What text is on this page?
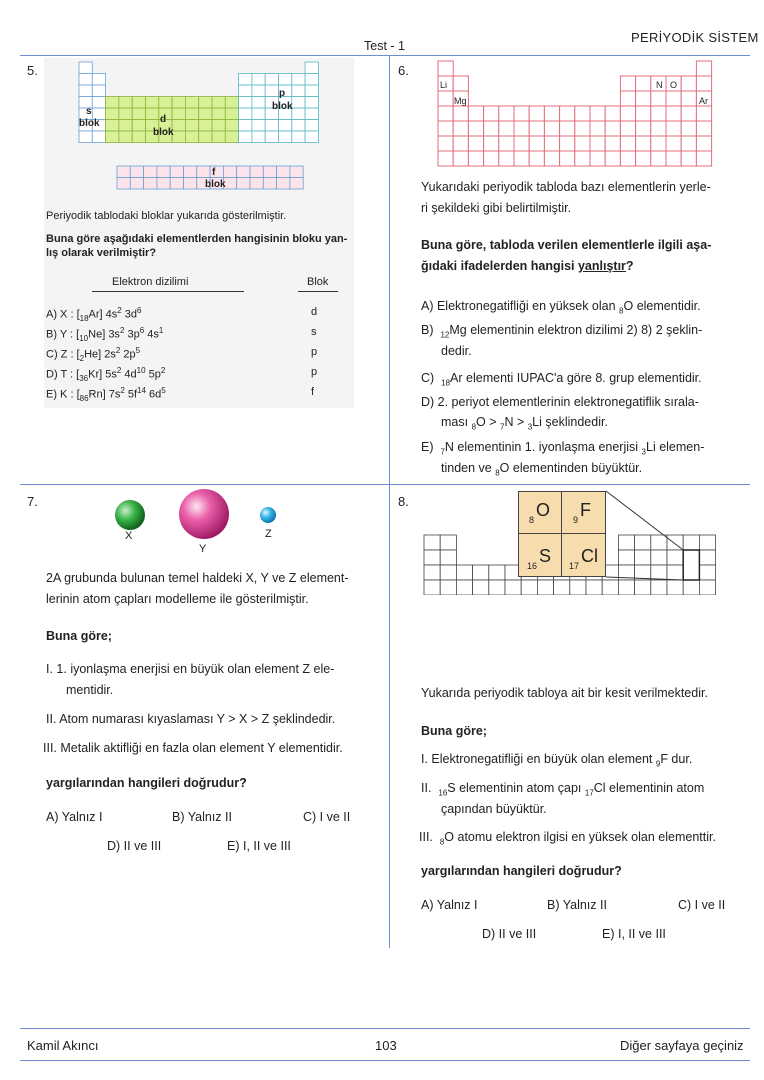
Test - 1
PERİYODİK SİSTEM
5.
s
blok	d
blok
p
blok
f
blok
Periyodik tablodaki bloklar yukarıda gösterilmiştir.
Buna göre aşağıdaki elementlerden hangisinin bloku yan-
lış olarak verilmiştir?
Elektron dizilimi	Blok
A) X : $[_{18}Ar]$ $4s^2$ $3d^6$	d
B) Y : $[_{10}Ne]$ $3s^2$ $3p^6$ $4s^1$	s
C) Z : $[_2He]$ $2s^2$ $2p^5$	p
D) T : $[_{36}Kr]$ $5s^2$ $4d^{10}$ $5p^2$	p
E) K : $[_{86}Rn]$ $7s^2$ $5f^{14}$ $6d^5$	f
6.
Li
Mg
N O
Ar
Yukarıdaki periyodik tabloda bazı elementlerin yerle-
ri şekildeki gibi belirtilmiştir.
Buna göre, tabloda verilen elementlerle ilgili aşa-
ğıdaki ifadelerden hangisi yanlıştır?
A) Elektronegatifliği en yüksek olan $_8$O elementidir.
B)  $_{12}$Mg elementinin elektron dizilimi 2) 8) 2 şeklin-
dedir.
C)  $_{18}$Ar elementi IUPAC'a göre 8. grup elementidir.
D) 2. periyot elementlerinin elektronegatiflik sırala-
ması $_8$O > $_7$N > $_3$Li şeklindedir.
E)  $_7$N elementinin 1. iyonlaşma enerjisi $_3$Li elemen-
tinden ve $_8$O elementinden büyüktür.
7.
X
Y
Z
2A grubunda bulunan temel haldeki X, Y ve Z element-
lerinin atom çapları modelleme ile gösterilmiştir.
Buna göre;
I. 1. iyonlaşma enerjisi en büyük olan element Z ele-
mentidir.
II. Atom numarası kıyaslaması Y > X > Z şeklindedir.
III. Metalik aktifliği en fazla olan element Y elementidir.
yargılarından hangileri doğrudur?
A) Yalnız I	B) Yalnız II	C) I ve II
D) II ve III	E) I, II ve III
8.
8 O	9 F
16 S 17 Cl
Yukarıda periyodik tabloya ait bir kesit verilmektedir.
Buna göre;
I. Elektronegatifliği en büyük olan element $_9$F dur.
II.  $_{16}$S elementinin atom çapı $_{17}$Cl elementinin atom
çapından büyüktür.
III.  $_8$O atomu elektron ilgisi en yüksek olan elementtir.
yargılarından hangileri doğrudur?
A) Yalnız I	B) Yalnız II	C) I ve II
D) II ve III	E) I, II ve III
Kamil Akıncı	103	Diğer sayfaya geçiniz
